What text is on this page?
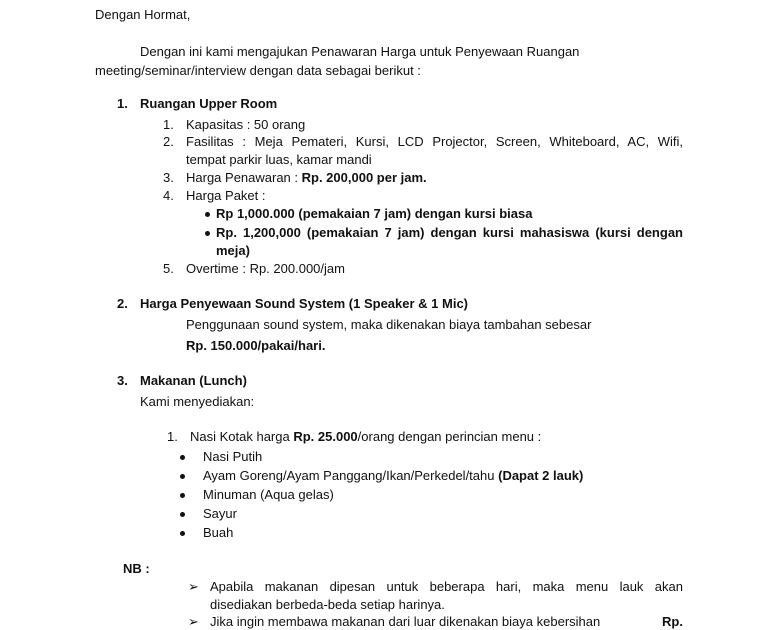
Dengan Hormat,
Dengan ini kami mengajukan Penawaran Harga untuk Penyewaan Ruangan
meeting/seminar/interview dengan data sebagai berikut :
1. Ruangan Upper Room
1. Kapasitas : 50 orang
2. Fasilitas : Meja Pemateri, Kursi, LCD Projector, Screen, Whiteboard, AC, Wifi,
tempat parkir luas, kamar mandi
3. Harga Penawaran : Rp. 200,000 per jam.
4. Harga Paket :
Rp 1,000.000 (pemakaian 7 jam) dengan kursi biasa
Rp. 1,200,000 (pemakaian 7 jam) dengan kursi mahasiswa (kursi dengan
meja)
5. Overtime : Rp. 200.000/jam
2. Harga Penyewaan Sound System (1 Speaker & 1 Mic)
Penggunaan sound system, maka dikenakan biaya tambahan sebesar
Rp. 150.000/pakai/hari.
3. Makanan (Lunch)
Kami menyediakan:
1. Nasi Kotak harga Rp. 25.000/orang dengan perincian menu :
Nasi Putih
Ayam Goreng/Ayam Panggang/Ikan/Perkedel/tahu (Dapat 2 lauk)
Minuman (Aqua gelas)
Sayur
Buah
NB :
➢ Apabila makanan dipesan untuk beberapa hari, maka menu lauk akan
disediakan berbeda-beda setiap harinya.
➢ Jika ingin membawa makanan dari luar dikenakan biaya kebersihan	Rp.
